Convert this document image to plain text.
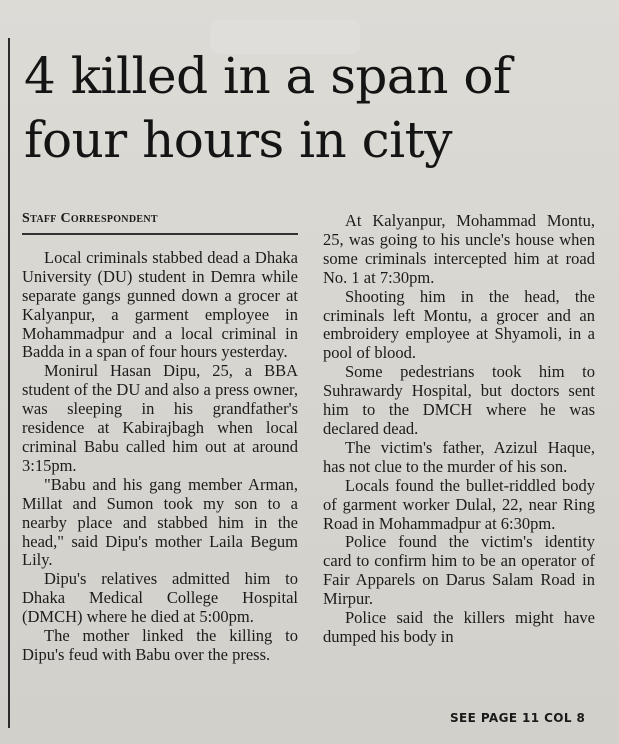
4 killed in a span of four hours in city
Staff Correspondent

Local criminals stabbed dead a Dhaka University (DU) student in Demra while separate gangs gunned down a grocer at Kalyanpur, a garment employee in Mohammadpur and a local criminal in Badda in a span of four hours yesterday.

Monirul Hasan Dipu, 25, a BBA student of the DU and also a press owner, was sleeping in his grandfather's residence at Kabirajbagh when local criminal Babu called him out at around 3:15pm.

"Babu and his gang member Arman, Millat and Sumon took my son to a nearby place and stabbed him in the head," said Dipu's mother Laila Begum Lily.

Dipu's relatives admitted him to Dhaka Medical College Hospital (DMCH) where he died at 5:00pm.

The mother linked the killing to Dipu's feud with Babu over the press.

At Kalyanpur, Mohammad Montu, 25, was going to his uncle's house when some criminals intercepted him at road No. 1 at 7:30pm.

Shooting him in the head, the criminals left Montu, a grocer and an embroidery employee at Shyamoli, in a pool of blood.

Some pedestrians took him to Suhrawardy Hospital, but doctors sent him to the DMCH where he was declared dead.

The victim's father, Azizul Haque, has not clue to the murder of his son.

Locals found the bullet-riddled body of garment worker Dulal, 22, near Ring Road in Mohammadpur at 6:30pm.

Police found the victim's identity card to confirm him to be an operator of Fair Apparels on Darus Salam Road in Mirpur.

Police said the killers might have dumped his body in

SEE PAGE 11 COL 8
